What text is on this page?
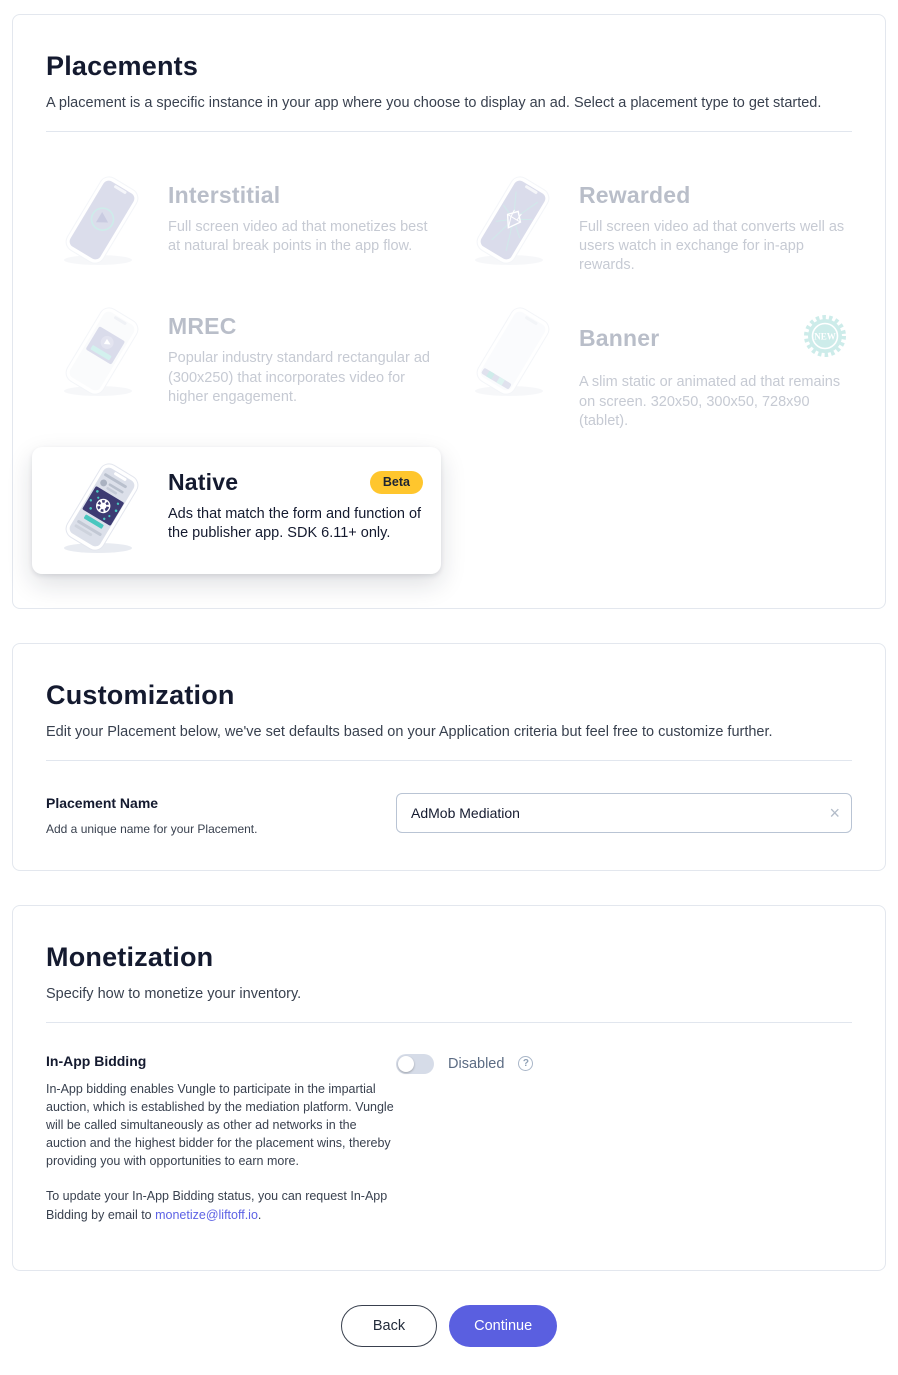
Placements

A placement is a specific instance in your app where you choose to display an ad. Select a placement type to get started.

Interstitial
Full screen video ad that monetizes best at natural break points in the app flow.
Rewarded
Full screen video ad that converts well as users watch in exchange for in-app rewards.
MREC
Popular industry standard rectangular ad (300x250) that incorporates video for higher engagement.
Banner	NEW
A slim static or animated ad that remains on screen. 320x50, 300x50, 728x90 (tablet).
Native	Beta
Ads that match the form and function of the publisher app. SDK 6.11+ only.
Customization

Edit your Placement below, we've set defaults based on your Application criteria but feel free to customize further.

Placement Name
Add a unique name for your Placement.
AdMob Mediation
×
Monetization

Specify how to monetize your inventory.

In-App Bidding

In-App bidding enables Vungle to participate in the impartial auction, which is established by the mediation platform. Vungle will be called simultaneously as other ad networks in the auction and the highest bidder for the placement wins, thereby providing you with opportunities to earn more.

To update your In-App Bidding status, you can request In-App Bidding by email to monetize@liftoff.io.

Disabled	?
Back	Continue
